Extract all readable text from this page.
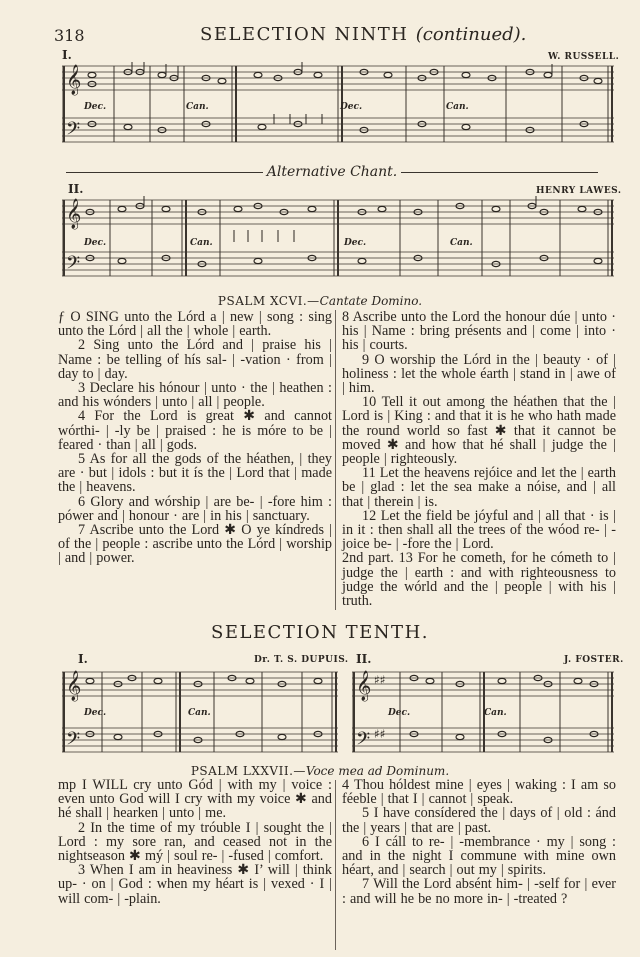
318	SELECTION NINTH (continued).
I.	W. RUSSELL.
𝄞
𝄢
Dec.	Can.	Dec.	Can.
Alternative Chant.
II.	HENRY LAWES.
𝄞
𝄢
Dec.	Can.	Dec.	Can.
PSALM XCVI.—Cantate Domino.

ƒ O SING unto the Lórd a | new | song : sing unto the Lórd | all the | whole | earth.

2 Sing unto the Lórd and | praise his | Name : be telling of hís sal- | -vation · from | day to | day.

3 Declare his hónour | unto · the | heathen : and his wónders | unto | all | people.

4 For the Lord is great ✱ and cannot wórthi- | -ly be | praised : he is móre to be | feared · than | all | gods.

5 As for all the gods of the héathen, | they are · but | idols : but it ís the | Lord that | made the | heavens.

6 Glory and wórship | are be- | -fore him : pówer and | honour · are | in his | sanctuary.

7 Ascribe unto the Lord ✱ O ye kíndreds | of the | people : ascribe unto the Lórd | worship | and | power.

8 Ascribe unto the Lord the honour dúe | unto · his | Name : bring présents and | come | into · his | courts.

9 O worship the Lórd in the | beauty · of | holiness : let the whole éarth | stand in | awe of | him.

10 Tell it out among the héathen that the | Lord is | King : and that it is he who hath made the round world so fast ✱ that it cannot be moved ✱ and how that hé shall | judge the | people | righteously.

11 Let the heavens rejóice and let the | earth be | glad : let the sea make a nóise, and | all that | therein | is.

12 Let the field be jóyful and | all that · is | in it : then shall all the trees of the wóod re- | -joice be- | -fore the | Lord.

2nd part. 13 For he cometh, for he cómeth to | judge the | earth : and with righteousness to judge the wórld and the | people | with his | truth.

SELECTION TENTH.
I.	Dr. T. S. DUPUIS. II.	J. FOSTER.
𝄞
𝄢
Dec.	Can.
𝄞 ♯♯
𝄢 ♯♯
Dec.	Can.
PSALM LXXVII.—Voce mea ad Dominum.

mp I WILL cry unto Gód | with my | voice : even unto God will I cry with my voice ✱ and hé shall | hearken | unto | me.

2 In the time of my tróuble I | sought the | Lord : my sore ran, and ceased not in the nightseason ✱ mý | soul re- | -fused | comfort.

3 When I am in heaviness ✱ I’ will | think up- · on | God : when my héart is | vexed · I | will com- | -plain.

4 Thou hóldest mine | eyes | waking : I am so féeble | that I | cannot | speak.

5 I have consídered the | days of | old : ánd the | years | that are | past.

6 I cáll to re- | -membrance · my | song : and in the night I commune with mine own héart, and | search | out my | spirits.

7 Will the Lord absént him- | -self for | ever : and will he be no more in- | -treated ?
